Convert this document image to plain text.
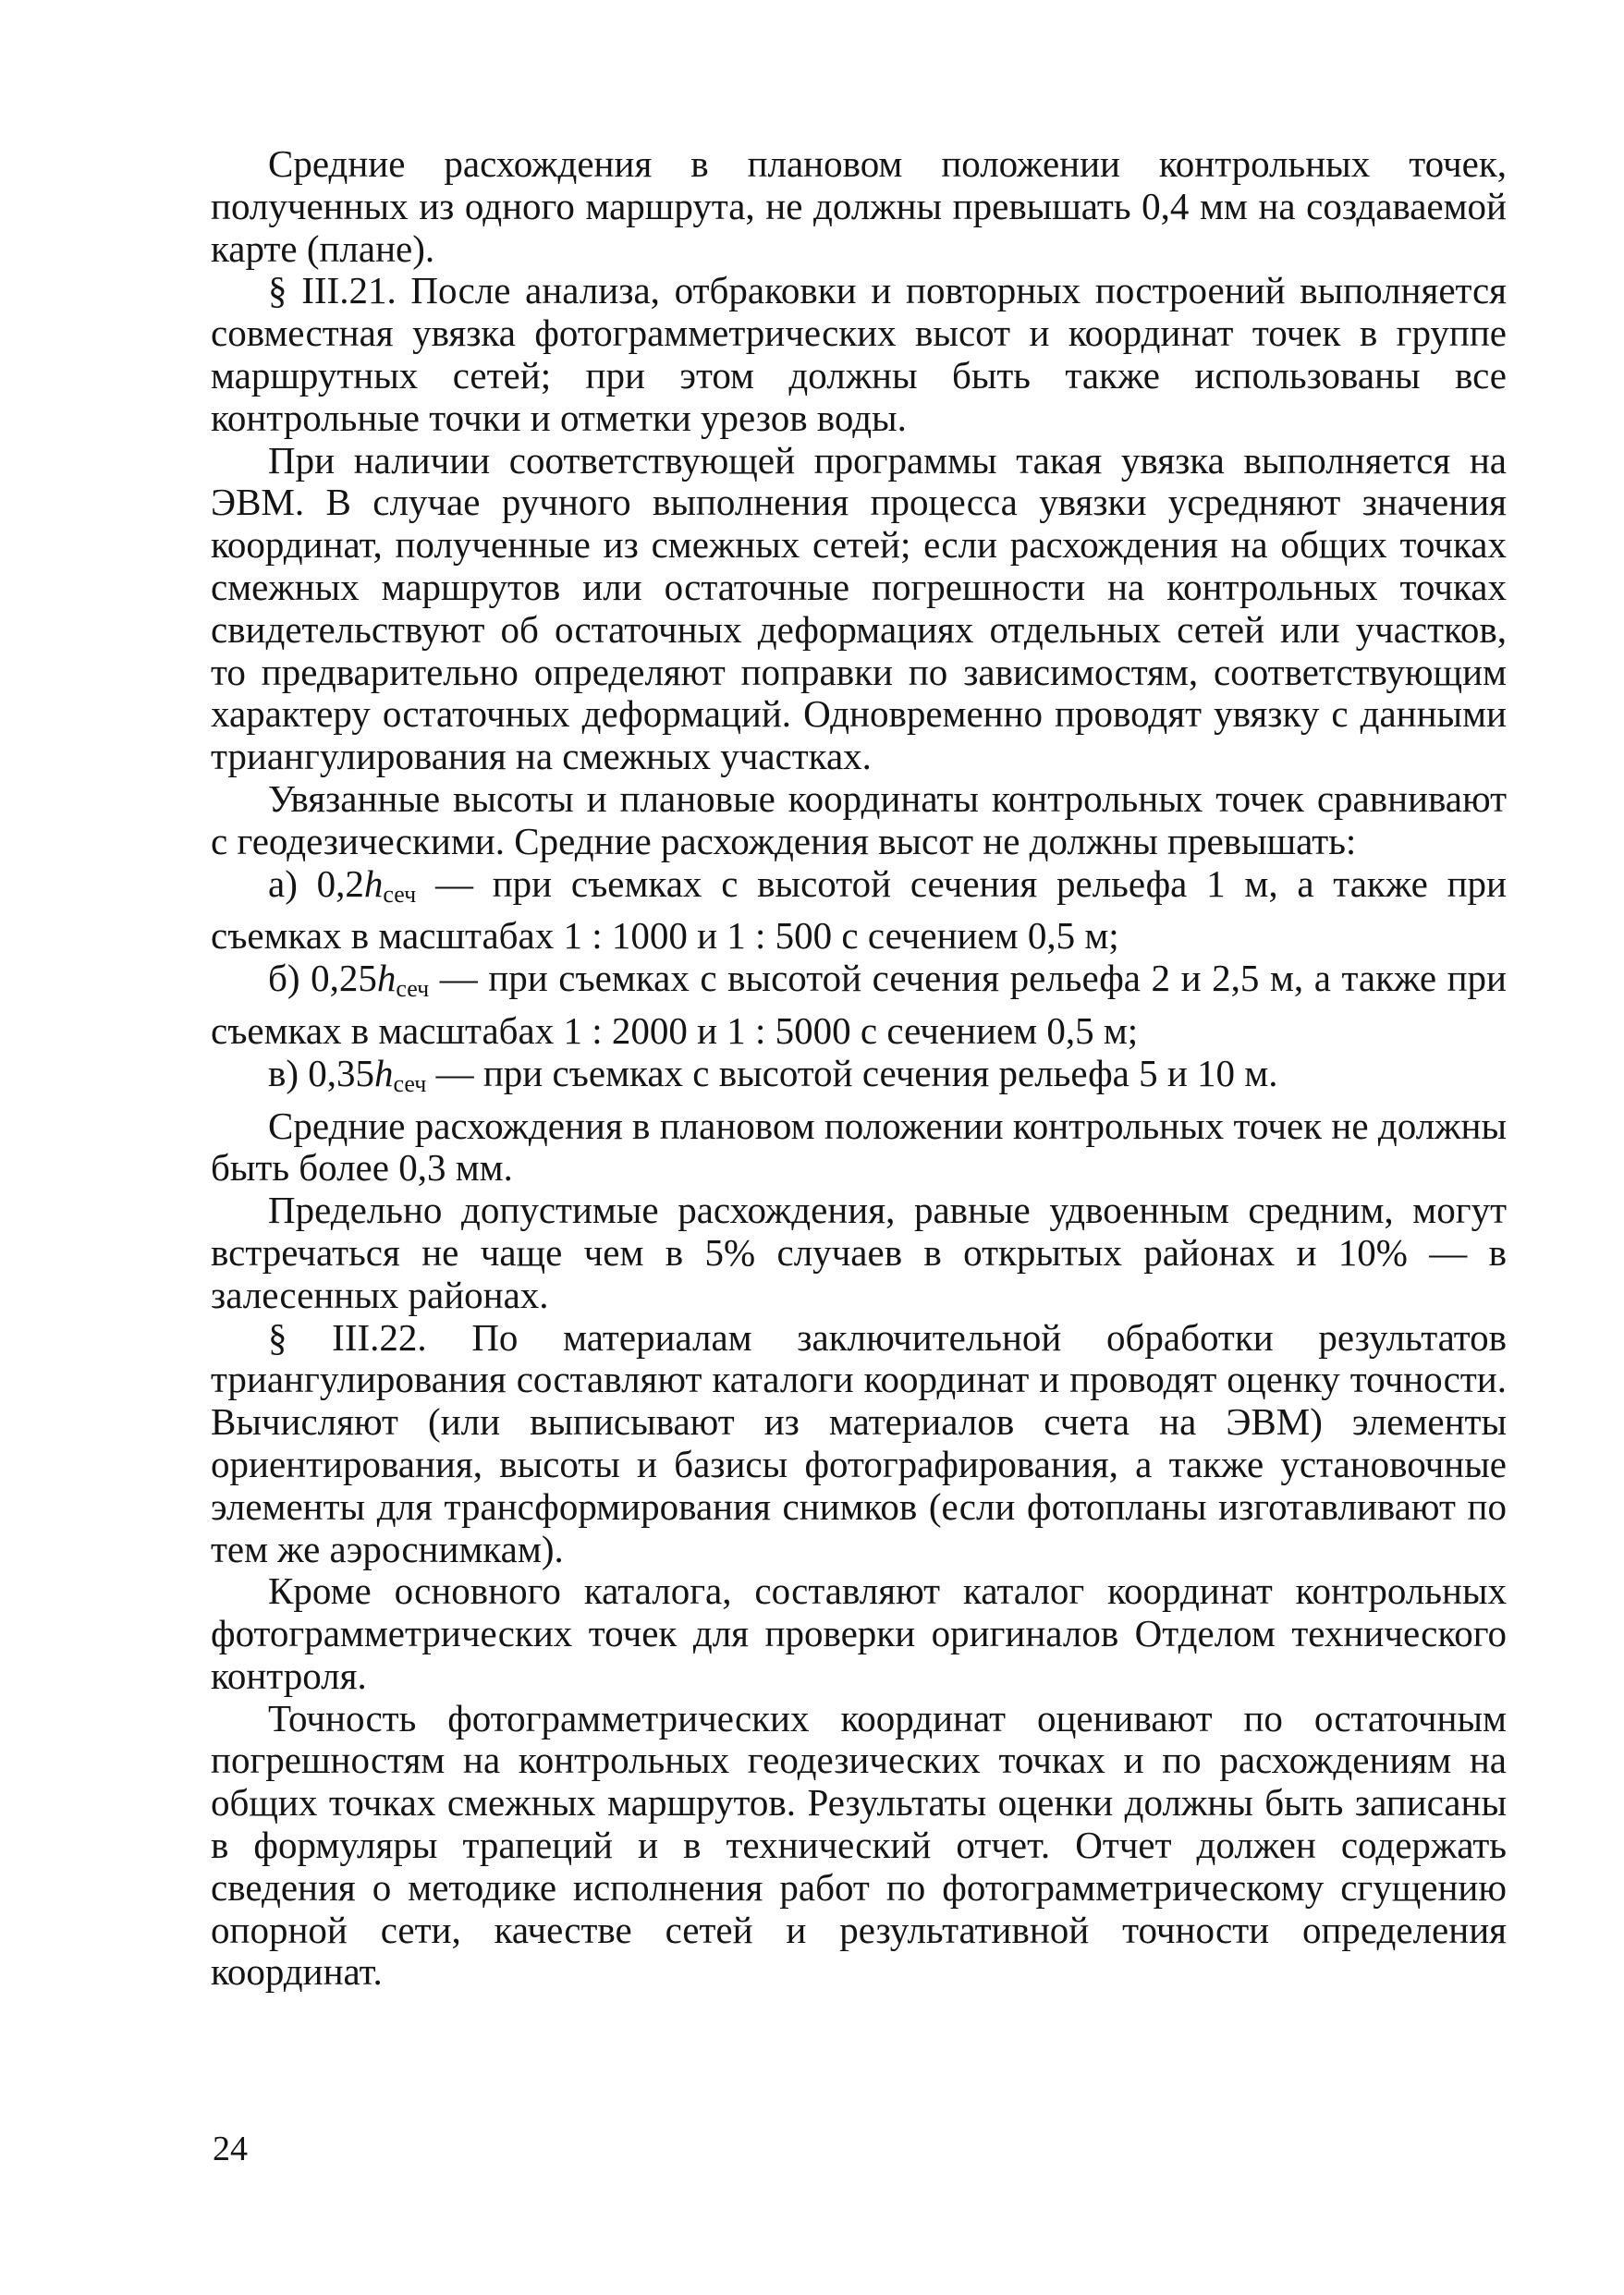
Средние расхождения в плановом положении контрольных точек, полученных из одного маршрута, не должны превышать 0,4 мм на создаваемой карте (плане).

§ III.21. После анализа, отбраковки и повторных построений выполняется совместная увязка фотограмметрических высот и координат точек в группе маршрутных сетей; при этом должны быть также использованы все контрольные точки и отметки урезов воды.

При наличии соответствующей программы такая увязка выполняется на ЭВМ. В случае ручного выполнения процесса увязки усредняют значения координат, полученные из смежных сетей; если расхождения на общих точках смежных маршрутов или остаточные погрешности на контрольных точках свидетельствуют об остаточных деформациях отдельных сетей или участков, то предварительно определяют поправки по зависимостям, соответствующим характеру остаточных деформаций. Одновременно проводят увязку с данными триангулирования на смежных участках.

Увязанные высоты и плановые координаты контрольных точек сравнивают с геодезическими. Средние расхождения высот не должны превышать:

а) $0,2h_{сеч}$ — при съемках с высотой сечения рельефа 1 м, а также при съемках в масштабах 1 : 1000 и 1 : 500 с сечением 0,5 м;

б) $0,25h_{сеч}$ — при съемках с высотой сечения рельефа 2 и 2,5 м, а также при съемках в масштабах 1 : 2000 и 1 : 5000 с сечением 0,5 м;

в) $0,35h_{сеч}$ — при съемках с высотой сечения рельефа 5 и 10 м.

Средние расхождения в плановом положении контрольных точек не должны быть более 0,3 мм.

Предельно допустимые расхождения, равные удвоенным средним, могут встречаться не чаще чем в 5% случаев в открытых районах и 10% — в залесенных районах.

§ III.22. По материалам заключительной обработки результатов триангулирования составляют каталоги координат и проводят оценку точности. Вычисляют (или выписывают из материалов счета на ЭВМ) элементы ориентирования, высоты и базисы фотографирования, а также установочные элементы для трансформирования снимков (если фотопланы изготавливают по тем же аэроснимкам).

Кроме основного каталога, составляют каталог координат контрольных фотограмметрических точек для проверки оригиналов Отделом технического контроля.

Точность фотограмметрических координат оценивают по остаточным погрешностям на контрольных геодезических точках и по расхождениям на общих точках смежных маршрутов. Результаты оценки должны быть записаны в формуляры трапеций и в технический отчет. Отчет должен содержать сведения о методике исполнения работ по фотограмметрическому сгущению опорной сети, качестве сетей и результативной точности определения координат.

24
